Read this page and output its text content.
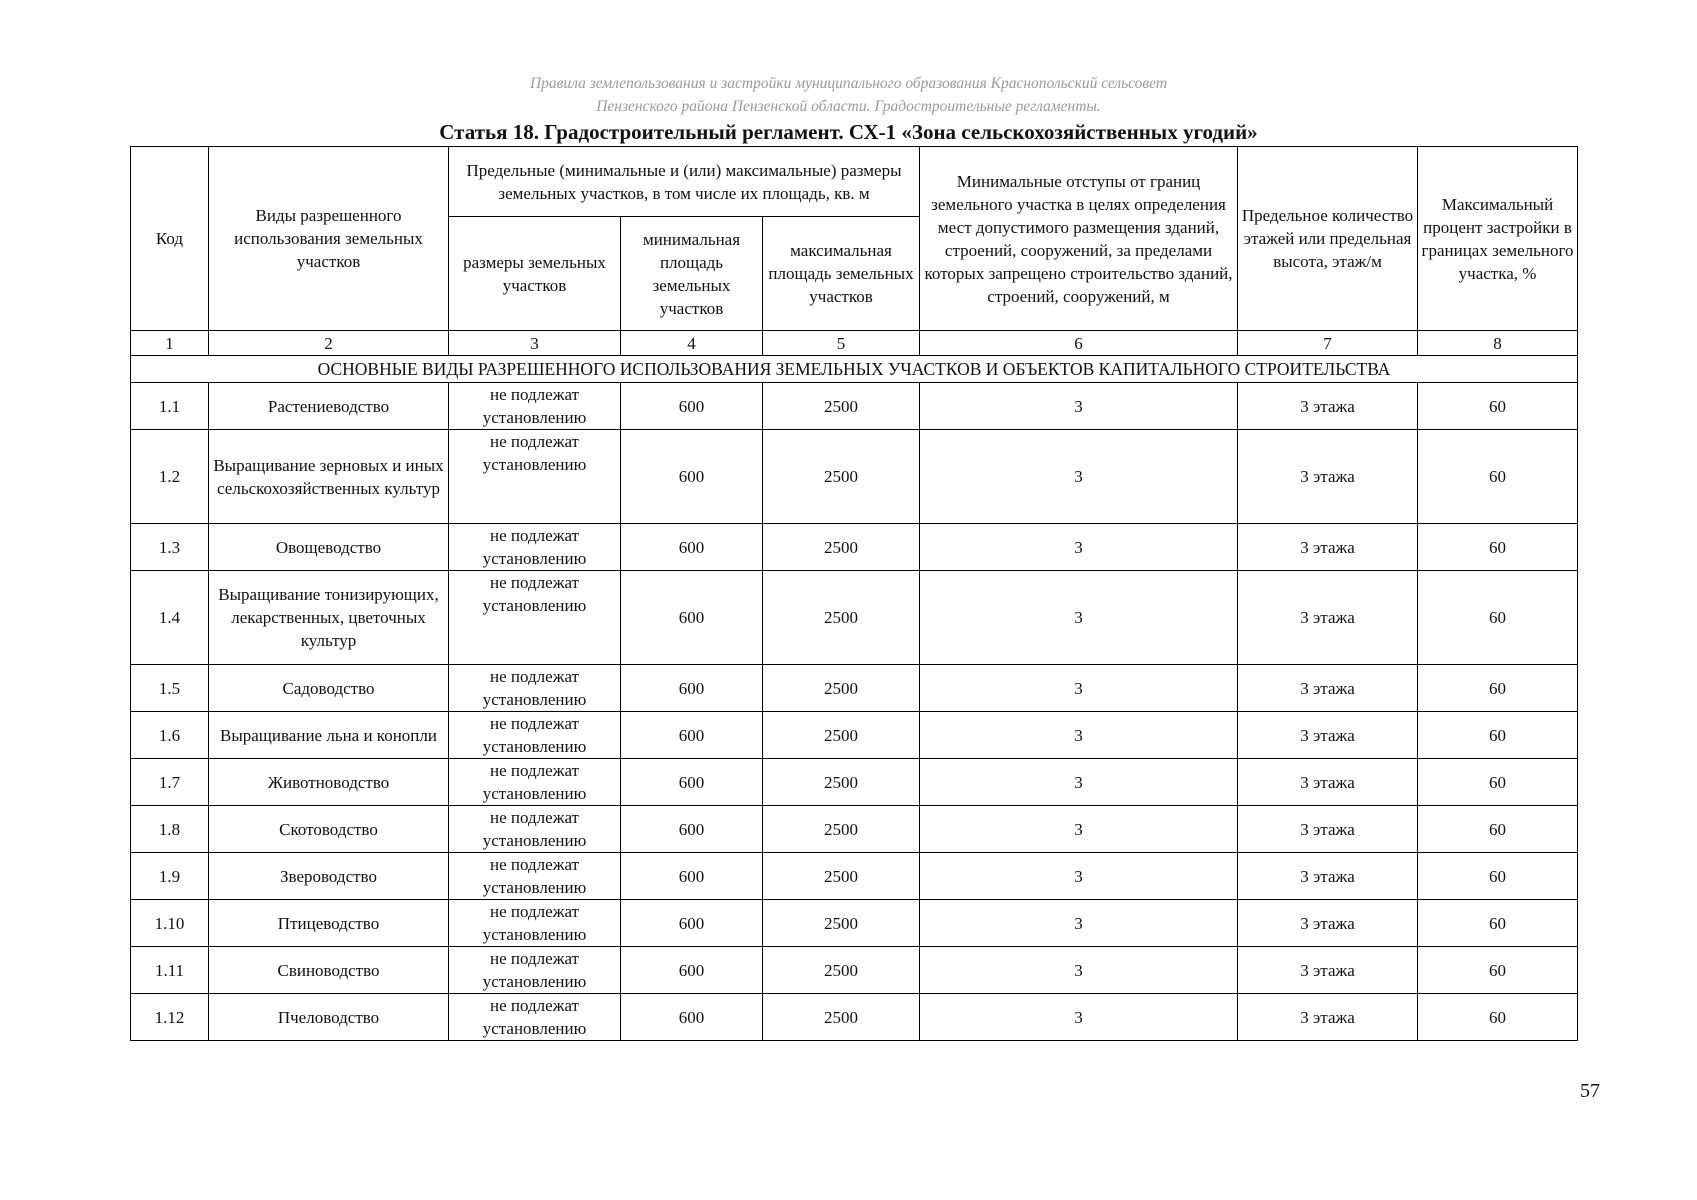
Правила землепользования и застройки муниципального образования Краснопольский сельсовет
Пензенского района Пензенской области. Градостроительные регламенты.
Статья 18. Градостроительный регламент. СХ-1 «Зона сельскохозяйственных угодий»
Код	Виды разрешенного использования земельных участков	Предельные (минимальные и (или) максимальные) размеры земельных участков, в том числе их площадь, кв. м			Минимальные отступы от границ земельного участка в целях определения мест допустимого размещения зданий, строений, сооружений, за пределами которых запрещено строительство зданий, строений, сооружений, м	Предельное количество этажей или предельная высота, этаж/м	Максимальный процент застройки в границах земельного участка, %
		размеры земельных участков	минимальная площадь земельных участков	максимальная площадь земельных участков			
1	2	3	4	5	6	7	8
ОСНОВНЫЕ ВИДЫ РАЗРЕШЕННОГО ИСПОЛЬЗОВАНИЯ ЗЕМЕЛЬНЫХ УЧАСТКОВ И ОБЪЕКТОВ КАПИТАЛЬНОГО СТРОИТЕЛЬСТВА							
1.1	Растениеводство	не подлежат установлению	600	2500	3	3 этажа	60
1.2	Выращивание зерновых и иных сельскохозяйственных культур	не подлежат установлению	600	2500	3	3 этажа	60
1.3	Овощеводство	не подлежат установлению	600	2500	3	3 этажа	60
1.4	Выращивание тонизирующих, лекарственных, цветочных культур	не подлежат установлению	600	2500	3	3 этажа	60
1.5	Садоводство	не подлежат установлению	600	2500	3	3 этажа	60
1.6	Выращивание льна и конопли	не подлежат установлению	600	2500	3	3 этажа	60
1.7	Животноводство	не подлежат установлению	600	2500	3	3 этажа	60
1.8	Скотоводство	не подлежат установлению	600	2500	3	3 этажа	60
1.9	Звероводство	не подлежат установлению	600	2500	3	3 этажа	60
1.10	Птицеводство	не подлежат установлению	600	2500	3	3 этажа	60
1.11	Свиноводство	не подлежат установлению	600	2500	3	3 этажа	60
1.12	Пчеловодство	не подлежат установлению	600	2500	3	3 этажа	60
57
